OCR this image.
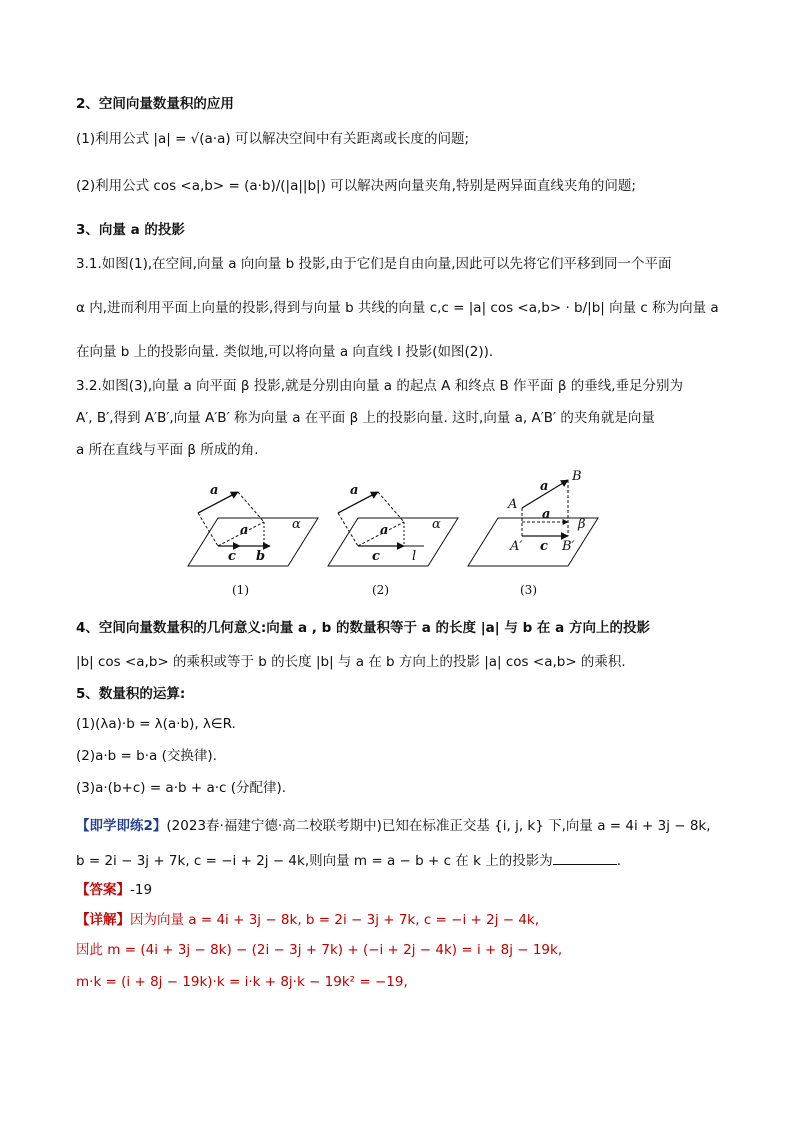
2、空间向量数量积的应用
(1)利用公式 |a| = √(a·a) 可以解决空间中有关距离或长度的问题;
(2)利用公式 cos <a,b> = (a·b)/(|a||b|) 可以解决两向量夹角,特别是两异面直线夹角的问题;
3、向量 a 的投影
3.1.如图(1),在空间,向量 a 向向量 b 投影,由于它们是自由向量,因此可以先将它们平移到同一个平面
α 内,进而利用平面上向量的投影,得到与向量 b 共线的向量 c,c = |a| cos <a,b> · b/|b| 向量 c 称为向量 a
在向量 b 上的投影向量. 类似地,可以将向量 a 向直线 l 投影(如图(2)).
3.2.如图(3),向量 a 向平面 β 投影,就是分别由向量 a 的起点 A 和终点 B 作平面 β 的垂线,垂足分别为
A′, B′,得到 A′B′,向量 A′B′ 称为向量 a 在平面 β 上的投影向量. 这时,向量 a, A′B′ 的夹角就是向量
a 所在直线与平面 β 所成的角.
a
a
c b
α
(1)
a
a
c l
α
(2)
A
B
a
a
c
A′	B′
β
(3)
4、空间向量数量积的几何意义:向量 a , b 的数量积等于 a 的长度 |a| 与 b 在 a 方向上的投影
|b| cos <a,b> 的乘积或等于 b 的长度 |b| 与 a 在 b 方向上的投影 |a| cos <a,b> 的乘积.
5、数量积的运算:
(1)(λa)·b = λ(a·b), λ∈R.
(2)a·b = b·a (交换律).
(3)a·(b+c) = a·b + a·c (分配律).
【即学即练2】(2023春·福建宁德·高二校联考期中)已知在标准正交基 {i, j, k} 下,向量 a = 4i + 3j − 8k,
b = 2i − 3j + 7k, c = −i + 2j − 4k,则向量 m = a − b + c 在 k 上的投影为	.
【答案】-19
【详解】因为向量 a = 4i + 3j − 8k, b = 2i − 3j + 7k, c = −i + 2j − 4k,
因此 m = (4i + 3j − 8k) − (2i − 3j + 7k) + (−i + 2j − 4k) = i + 8j − 19k,
m·k = (i + 8j − 19k)·k = i·k + 8j·k − 19k² = −19,
